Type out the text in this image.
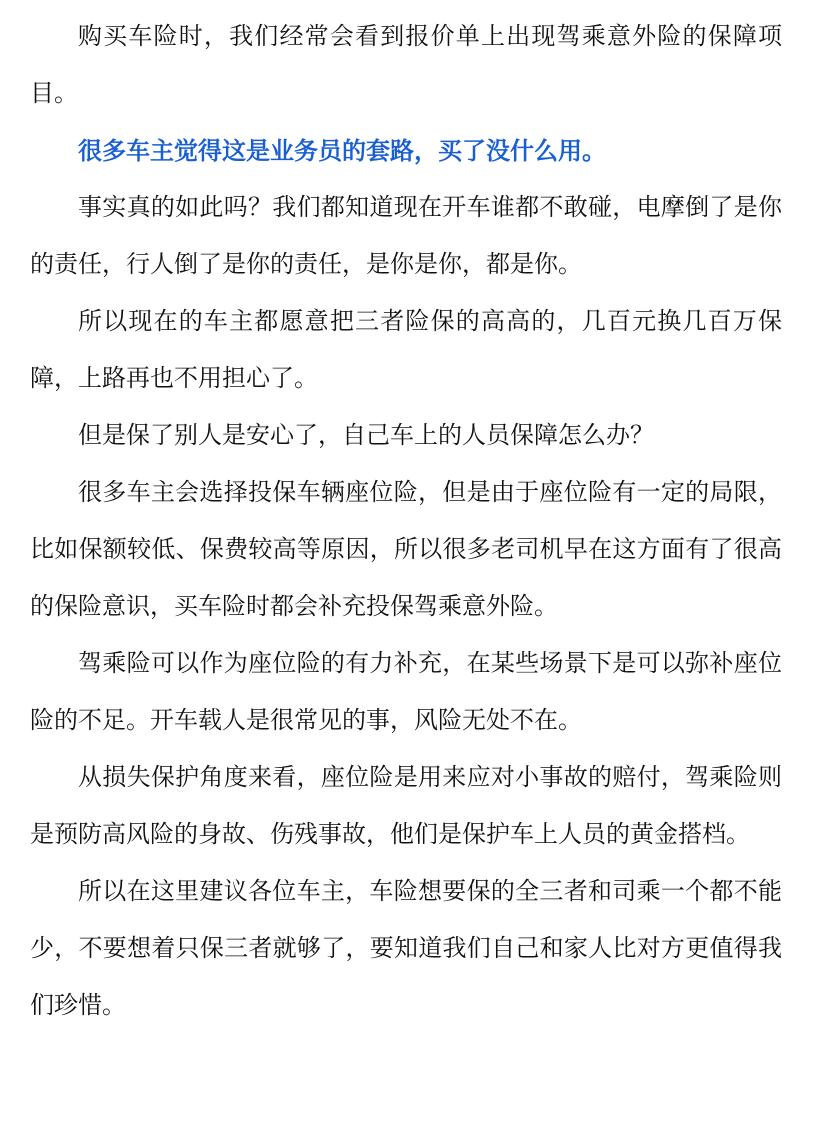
购买车险时，我们经常会看到报价单上出现驾乘意外险的保障项目。

很多车主觉得这是业务员的套路，买了没什么用。

事实真的如此吗？我们都知道现在开车谁都不敢碰，电摩倒了是你的责任，行人倒了是你的责任，是你是你，都是你。

所以现在的车主都愿意把三者险保的高高的，几百元换几百万保障，上路再也不用担心了。

但是保了别人是安心了，自己车上的人员保障怎么办？

很多车主会选择投保车辆座位险，但是由于座位险有一定的局限，比如保额较低、保费较高等原因，所以很多老司机早在这方面有了很高的保险意识，买车险时都会补充投保驾乘意外险。

驾乘险可以作为座位险的有力补充，在某些场景下是可以弥补座位险的不足。开车载人是很常见的事，风险无处不在。

从损失保护角度来看，座位险是用来应对小事故的赔付，驾乘险则是预防高风险的身故、伤残事故，他们是保护车上人员的黄金搭档。

所以在这里建议各位车主，车险想要保的全三者和司乘一个都不能少，不要想着只保三者就够了，要知道我们自己和家人比对方更值得我们珍惜。
